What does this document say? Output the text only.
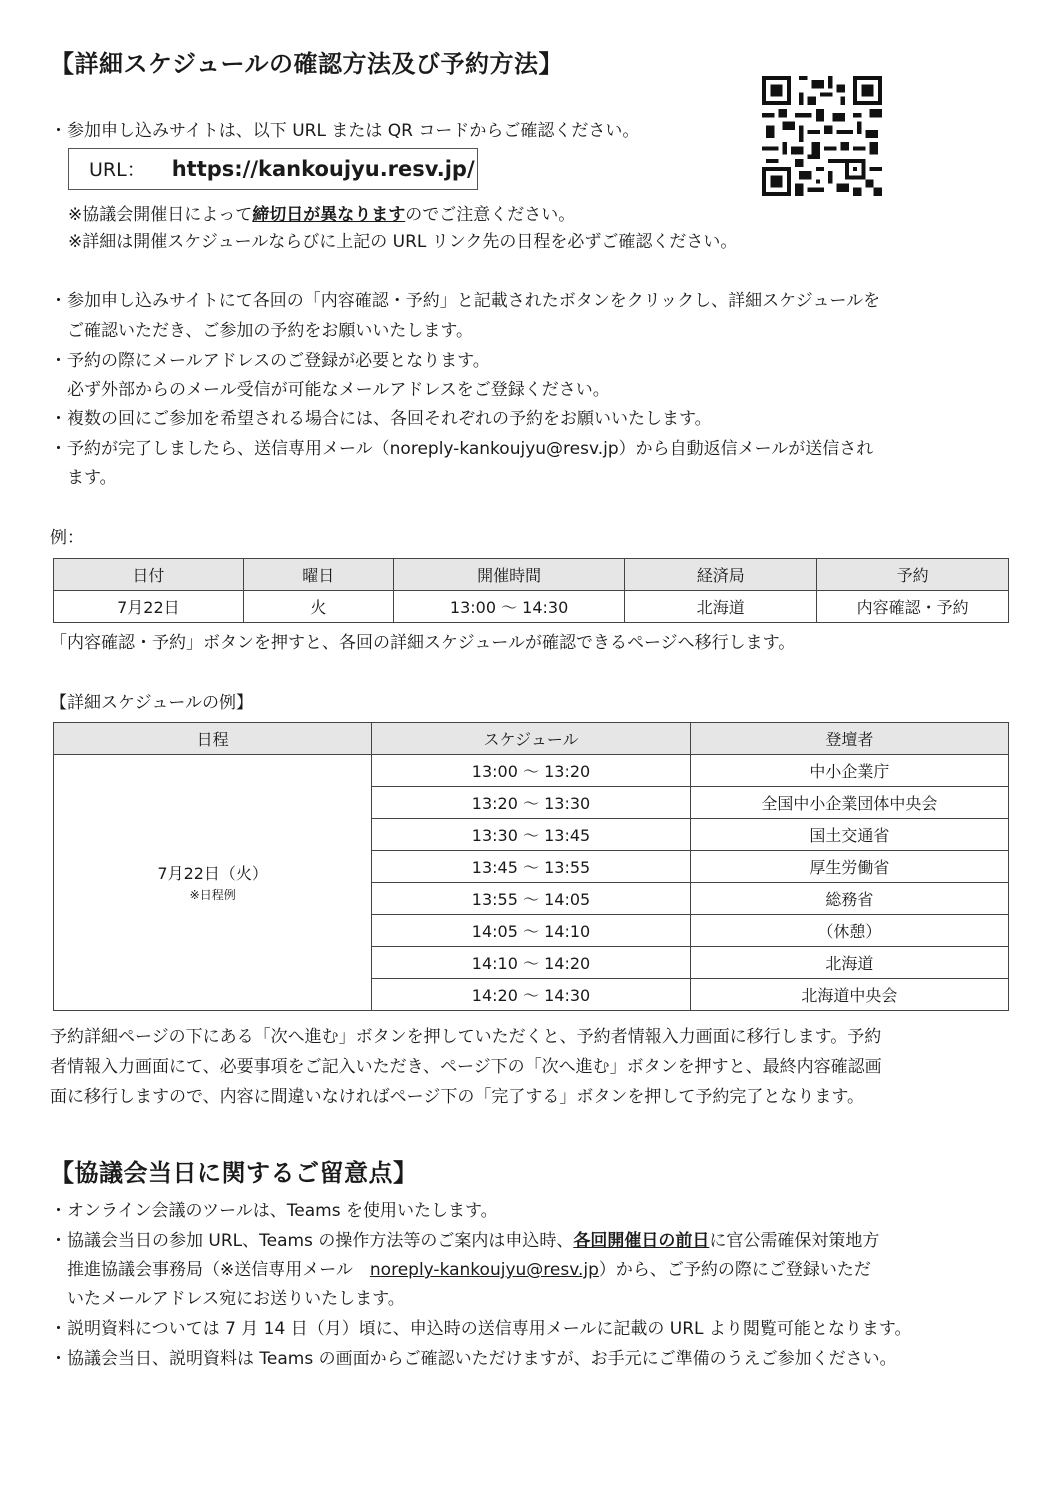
【詳細スケジュールの確認方法及び予約方法】
・参加申し込みサイトは、以下 URL または QR コードからご確認ください。
URL： https://kankoujyu.resv.jp/
※協議会開催日によって締切日が異なりますのでご注意ください。
※詳細は開催スケジュールならびに上記の URL リンク先の日程を必ずご確認ください。
・参加申し込みサイトにて各回の「内容確認・予約」と記載されたボタンをクリックし、詳細スケジュールを
　ご確認いただき、ご参加の予約をお願いいたします。
・予約の際にメールアドレスのご登録が必要となります。
　必ず外部からのメール受信が可能なメールアドレスをご登録ください。
・複数の回にご参加を希望される場合には、各回それぞれの予約をお願いいたします。
・予約が完了しましたら、送信専用メール（noreply-kankoujyu@resv.jp）から自動返信メールが送信され
　ます。
例：
日付	曜日	開催時間	経済局	予約
7月22日	火	13:00 ～ 14:30	北海道	内容確認・予約
「内容確認・予約」ボタンを押すと、各回の詳細スケジュールが確認できるページへ移行します。
【詳細スケジュールの例】
日程	スケジュール	登壇者
7月22日（火）
※日程例	13:00 ～ 13:20	中小企業庁
	13:20 ～ 13:30	全国中小企業団体中央会
	13:30 ～ 13:45	国土交通省
	13:45 ～ 13:55	厚生労働省
	13:55 ～ 14:05	総務省
	14:05 ～ 14:10	（休憩）
	14:10 ～ 14:20	北海道
	14:20 ～ 14:30	北海道中央会
予約詳細ページの下にある「次へ進む」ボタンを押していただくと、予約者情報入力画面に移行します。予約
者情報入力画面にて、必要事項をご記入いただき、ページ下の「次へ進む」ボタンを押すと、最終内容確認画
面に移行しますので、内容に間違いなければページ下の「完了する」ボタンを押して予約完了となります。
【協議会当日に関するご留意点】
・オンライン会議のツールは、Teams を使用いたします。
・協議会当日の参加 URL、Teams の操作方法等のご案内は申込時、各回開催日の前日に官公需確保対策地方
　推進協議会事務局（※送信専用メール　noreply-kankoujyu@resv.jp）から、ご予約の際にご登録いただ
　いたメールアドレス宛にお送りいたします。
・説明資料については 7 月 14 日（月）頃に、申込時の送信専用メールに記載の URL より閲覧可能となります。
・協議会当日、説明資料は Teams の画面からご確認いただけますが、お手元にご準備のうえご参加ください。
